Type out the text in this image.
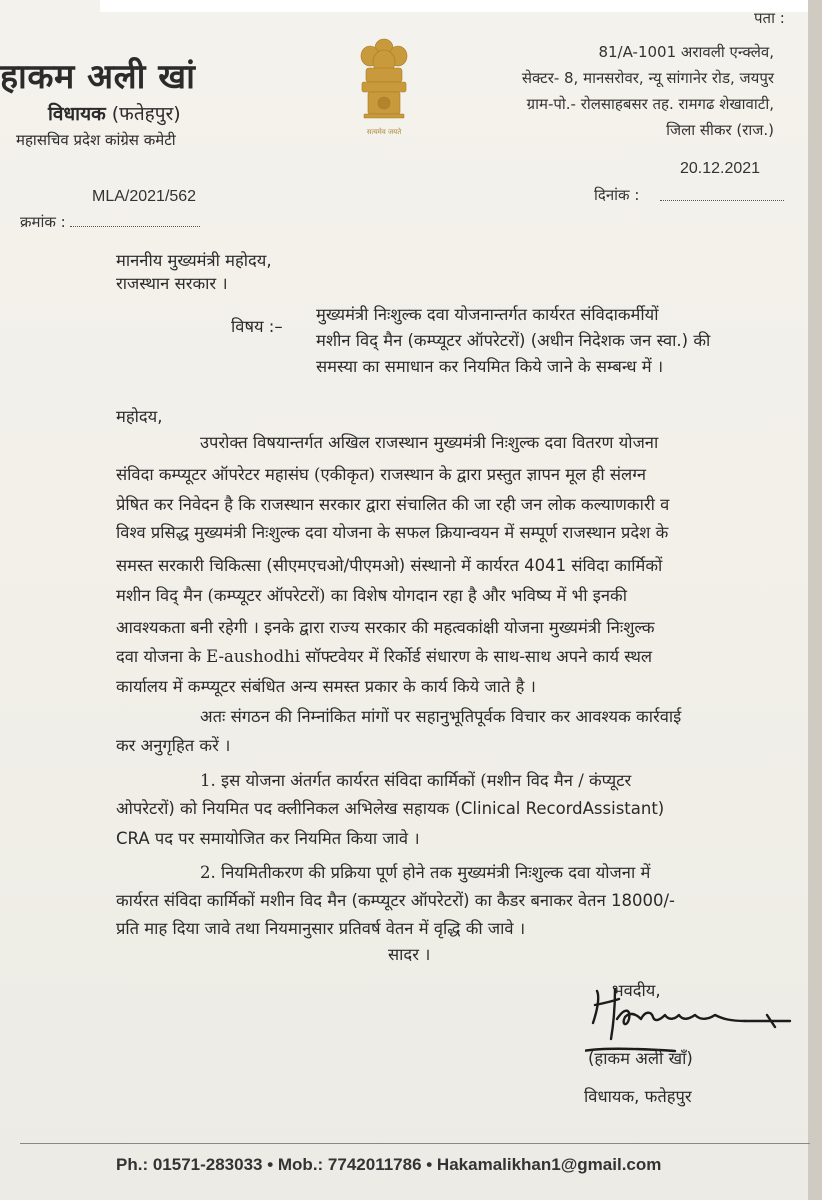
हाकम अली खां
विधायक (फतेहपुर)
महासचिव प्रदेश कांग्रेस कमेटी	सत्यमेव जयते
पता :
81/A-1001 अरावली एन्क्लेव,
सेक्टर- 8, मानसरोवर, न्यू सांगानेर रोड, जयपुर
ग्राम-पो.- रोलसाहबसर तह. रामगढ शेखावाटी,
जिला सीकर (राज.)
20.12.2021
दिनांक :
MLA/2021/562
क्रमांक :
माननीय मुख्यमंत्री महोदय,
राजस्थान सरकार ।
विषय :–
मुख्यमंत्री निःशुल्क दवा योजनान्तर्गत कार्यरत संविदाकर्मीयों
मशीन विद् मैन (कम्प्यूटर ऑपरेटरों) (अधीन निदेशक जन स्वा.) की
समस्या का समाधान कर नियमित किये जाने के सम्बन्ध में ।
महोदय,
उपरोक्त विषयान्तर्गत अखिल राजस्थान मुख्यमंत्री निःशुल्क दवा वितरण योजना
संविदा कम्प्यूटर ऑपरेटर महासंघ (एकीकृत) राजस्थान के द्वारा प्रस्तुत ज्ञापन मूल ही संलग्न
प्रेषित कर निवेदन है कि राजस्थान सरकार द्वारा संचालित की जा रही जन लोक कल्याणकारी व
विश्व प्रसिद्ध मुख्यमंत्री निःशुल्क दवा योजना के सफल क्रियान्वयन में सम्पूर्ण राजस्थान प्रदेश के
समस्त सरकारी चिकित्सा (सीएमएचओ/पीएमओ) संस्थानो में कार्यरत 4041 संविदा कार्मिकों
मशीन विद् मैन (कम्प्यूटर ऑपरेटरों) का विशेष योगदान रहा है और भविष्य में भी इनकी
आवश्यकता बनी रहेगी । इनके द्वारा राज्य सरकार की महत्वकांक्षी योजना मुख्यमंत्री निःशुल्क
दवा योजना के E-aushodhi सॉफ्टवेयर में रिर्कोर्ड संधारण के साथ-साथ अपने कार्य स्थल
कार्यालय में कम्प्यूटर संबंधित अन्य समस्त प्रकार के कार्य किये जाते है ।
अतः संगठन की निम्नांकित मांगों पर सहानुभूतिपूर्वक विचार कर आवश्यक कार्रवाई
कर अनुगृहित करें ।
1. इस योजना अंतर्गत कार्यरत संविदा कार्मिकों (मशीन विद मैन / कंप्यूटर
ओपरेटरों) को नियमित पद क्लीनिकल अभिलेख सहायक (Clinical RecordAssistant)
CRA पद पर समायोजित कर नियमित किया जावे ।
2. नियमितीकरण की प्रक्रिया पूर्ण होने तक मुख्यमंत्री निःशुल्क दवा योजना में
कार्यरत संविदा कार्मिकों मशीन विद मैन (कम्प्यूटर ऑपरेटरों) का कैडर बनाकर वेतन 18000/-
प्रति माह दिया जावे तथा नियमानुसार प्रतिवर्ष वेतन में वृद्धि की जावे ।
सादर ।
भवदीय,
(हाकम अली खाँ)
विधायक, फतेहपुर
Ph.: 01571-283033 • Mob.: 7742011786 • Hakamalikhan1@gmail.com
